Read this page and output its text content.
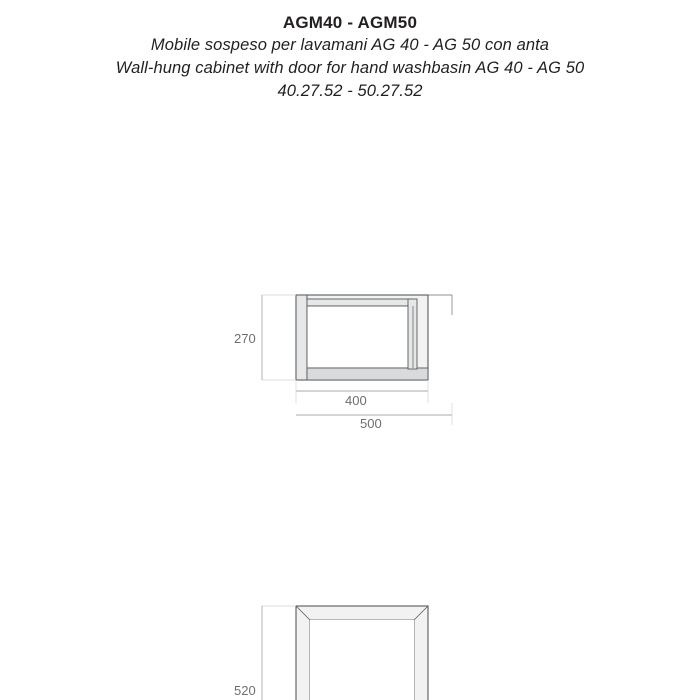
AGM40 - AGM50
Mobile sospeso per lavamani AG 40 - AG 50 con anta
Wall-hung cabinet with door for hand washbasin AG 40 - AG 50
40.27.52 - 50.27.52
270
400
500
520
